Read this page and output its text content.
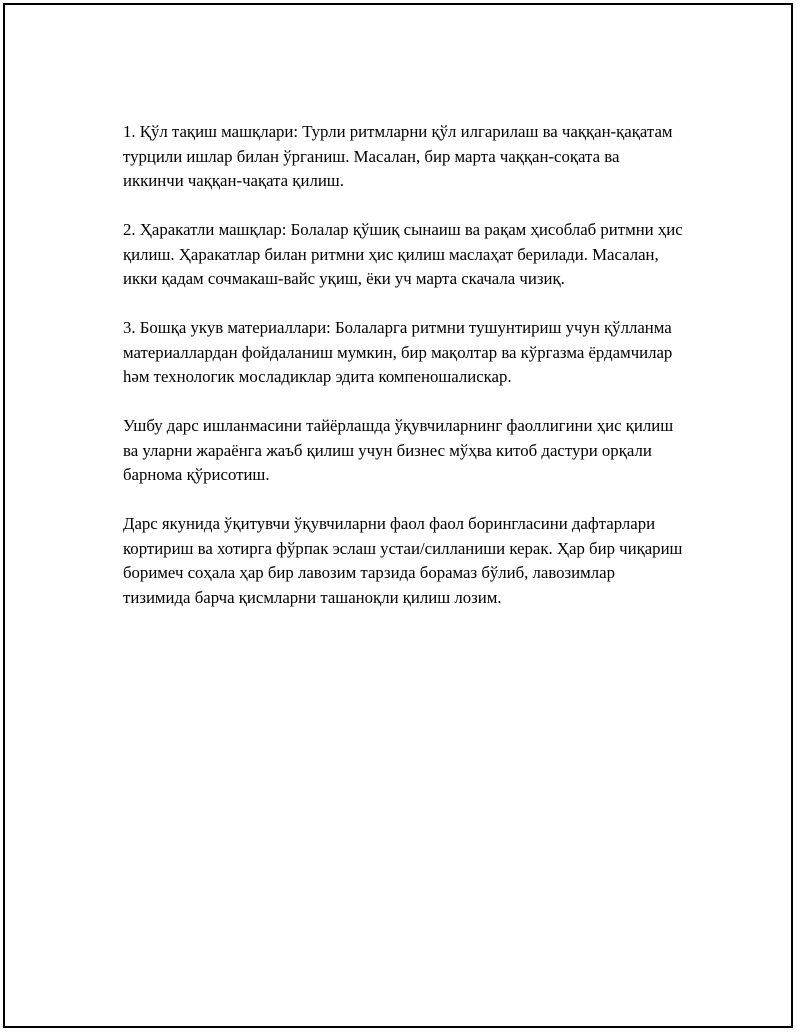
1. Қўл тақиш машқлари: Турли ритмларни қўл илгарилаш ва чаққан-қақатам турцили ишлар билан ўрганиш. Масалан, бир марта чаққан-соқата ва иккинчи чаққан-чақата қилиш.

2. Ҳаракатли машқлар: Болалар қўшиқ сынаиш ва рақам ҳисоблаб ритмни ҳис қилиш. Ҳаракатлар билан ритмни ҳис қилиш маслаҳат берилади. Масалан, икки қадам сочмакаш-вайс уқиш, ёки уч марта скачала чизиқ.

3. Бошқа укув материаллари: Болаларга ритмни тушунтириш учун қўлланма материаллардан фойдаланиш мумкин, бир мақолтар ва кўргазма ёрдамчилар һәм технологик мосладиклар эдита компеношалискар.

Ушбу дарс ишланмасини тайёрлашда ўқувчиларнинг фаоллигини ҳис қилиш ва уларни жараёнга жаъб қилиш учун бизнес мўҳва китоб дастури орқали барнома қўрисотиш.

Дарс якунида ўқитувчи ўқувчиларни фаол фаол борингласини дафтарлари кортириш ва хотирга фўрпак эслаш устаи/силланиши керак. Ҳар бир чиқариш боримеч соҳала ҳар бир лавозим тарзида борамаз бўлиб, лавозимлар тизимида барча қисмларни ташаноқли қилиш лозим.
